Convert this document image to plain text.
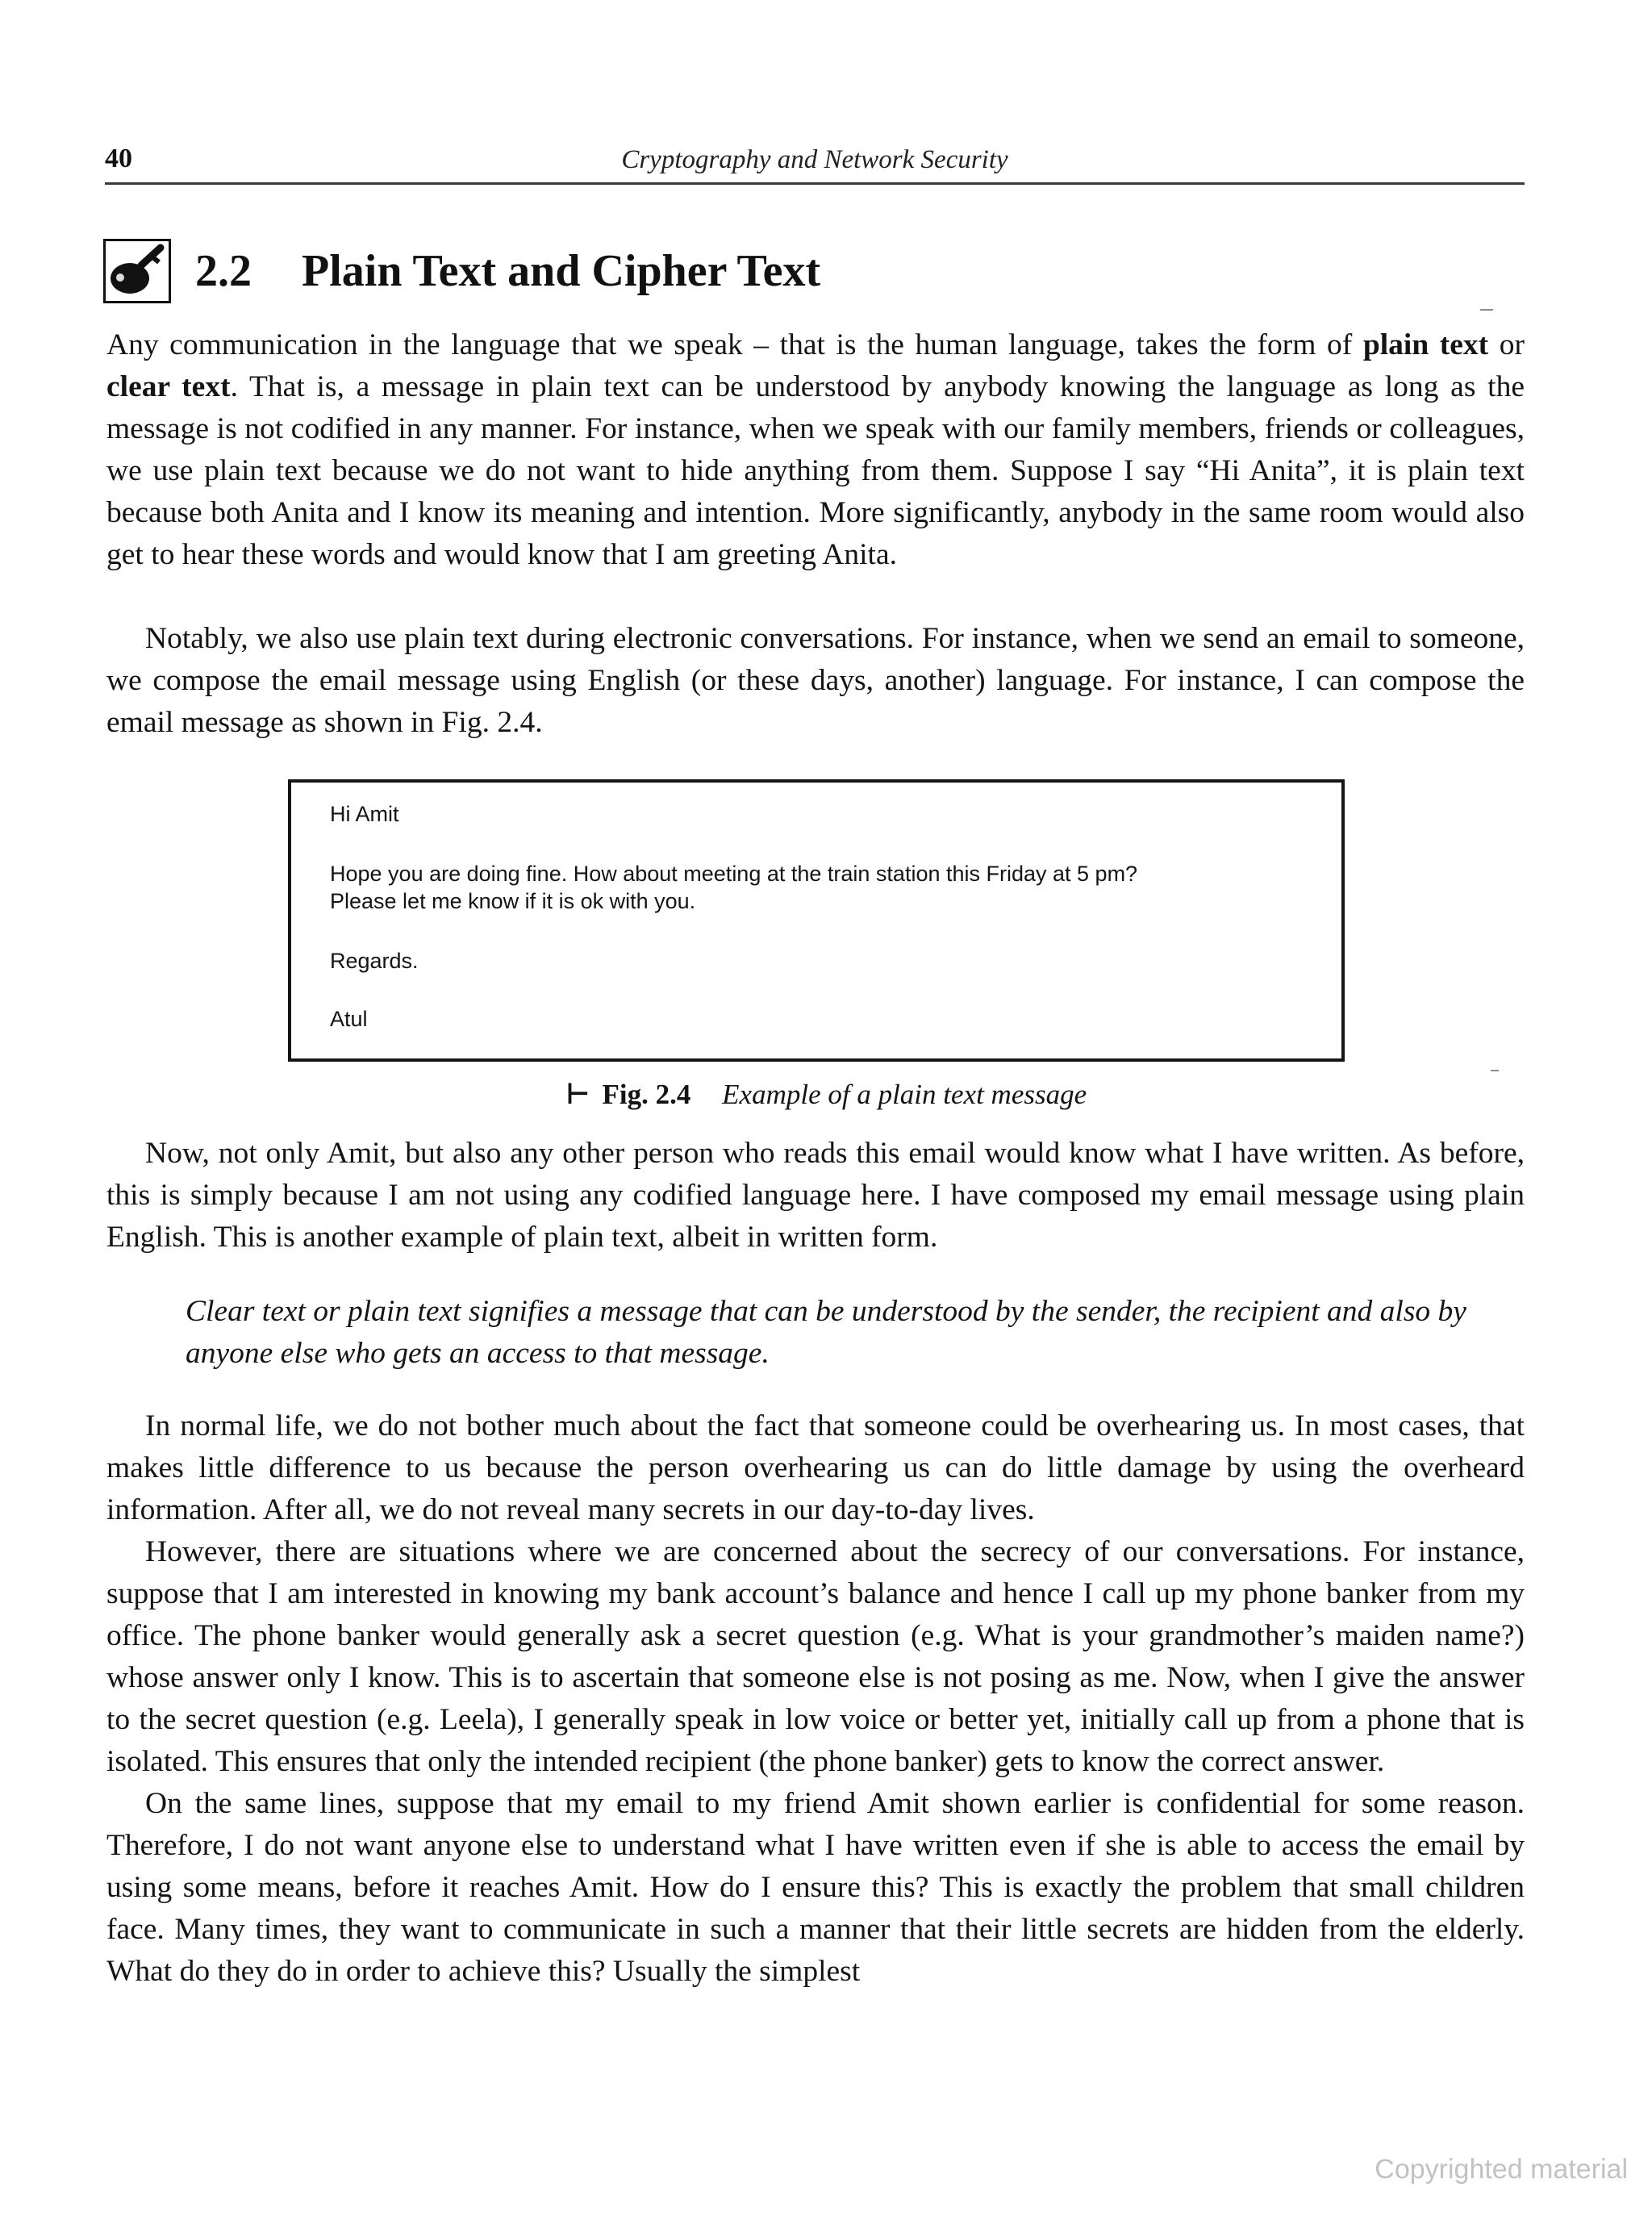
40	Cryptography and Network Security
2.2 Plain Text and Cipher Text

Any communication in the language that we speak – that is the human language, takes the form of plain text or clear text. That is, a message in plain text can be understood by anybody knowing the language as long as the message is not codified in any manner. For instance, when we speak with our family members, friends or colleagues, we use plain text because we do not want to hide anything from them. Suppose I say “Hi Anita”, it is plain text because both Anita and I know its meaning and intention. More significantly, anybody in the same room would also get to hear these words and would know that I am greeting Anita.

Notably, we also use plain text during electronic conversations. For instance, when we send an email to someone, we compose the email message using English (or these days, another) language. For instance, I can compose the email message as shown in Fig. 2.4.

Hi Amit

Hope you are doing fine. How about meeting at the train station this Friday at 5 pm?

Please let me know if it is ok with you.

Regards.

Atul

⊢ Fig. 2.4 Example of a plain text message

Now, not only Amit, but also any other person who reads this email would know what I have written. As before, this is simply because I am not using any codified language here. I have composed my email message using plain English. This is another example of plain text, albeit in written form.

Clear text or plain text signifies a message that can be understood by the sender, the recipient and also by anyone else who gets an access to that message.

In normal life, we do not bother much about the fact that someone could be overhearing us. In most cases, that makes little difference to us because the person overhearing us can do little damage by using the overheard information. After all, we do not reveal many secrets in our day-to-day lives.

However, there are situations where we are concerned about the secrecy of our conversations. For instance, suppose that I am interested in knowing my bank account’s balance and hence I call up my phone banker from my office. The phone banker would generally ask a secret question (e.g. What is your grandmother’s maiden name?) whose answer only I know. This is to ascertain that someone else is not posing as me. Now, when I give the answer to the secret question (e.g. Leela), I generally speak in low voice or better yet, initially call up from a phone that is isolated. This ensures that only the intended recipient (the phone banker) gets to know the correct answer.

On the same lines, suppose that my email to my friend Amit shown earlier is confidential for some reason. Therefore, I do not want anyone else to understand what I have written even if she is able to access the email by using some means, before it reaches Amit. How do I ensure this? This is exactly the problem that small children face. Many times, they want to communicate in such a manner that their little secrets are hidden from the elderly. What do they do in order to achieve this? Usually the simplest

Copyrighted material
